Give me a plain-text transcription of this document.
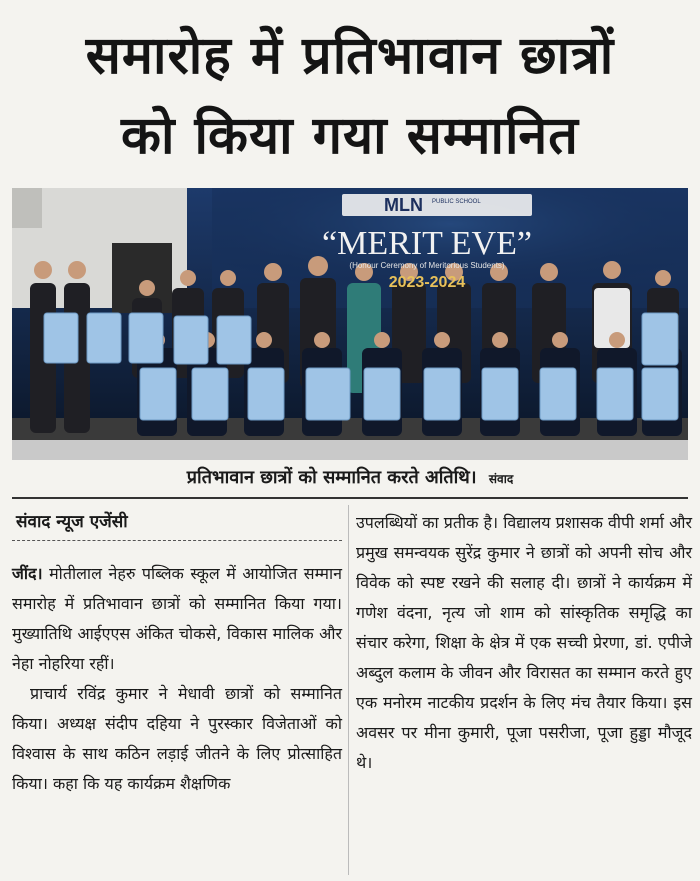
समारोह में प्रतिभावान छात्रों
को किया गया सम्मानित
MLN PUBLIC SCHOOL
“MERIT EVE”
(Honour Ceremony of Meritorious Students)
2023-2024
प्रतिभावान छात्रों को सम्मानित करते अतिथि। संवाद
संवाद न्यूज एजेंसी

जींद। मोतीलाल नेहरु पब्लिक स्कूल में आयोजित सम्मान समारोह में प्रतिभावान छात्रों को सम्मानित किया गया। मुख्यातिथि आईएएस अंकित चोकसे, विकास मालिक और नेहा नोहरिया रहीं।

प्राचार्य रविंद्र कुमार ने मेधावी छात्रों को सम्मानित किया। अध्यक्ष संदीप दहिया ने पुरस्कार विजेताओं को विश्वास के साथ कठिन लड़ाई जीतने के लिए प्रोत्साहित किया। कहा कि यह कार्यक्रम शैक्षणिक

उपलब्धियों का प्रतीक है। विद्यालय प्रशासक वीपी शर्मा और प्रमुख समन्वयक सुरेंद्र कुमार ने छात्रों को अपनी सोच और विवेक को स्पष्ट रखने की सलाह दी। छात्रों ने कार्यक्रम में गणेश वंदना, नृत्य जो शाम को सांस्कृतिक समृद्धि का संचार करेगा, शिक्षा के क्षेत्र में एक सच्ची प्रेरणा, डां. एपीजे अब्दुल कलाम के जीवन और विरासत का सम्मान करते हुए एक मनोरम नाटकीय प्रदर्शन के लिए मंच तैयार किया। इस अवसर पर मीना कुमारी, पूजा पसरीजा, पूजा हुड्डा मौजूद थे।
